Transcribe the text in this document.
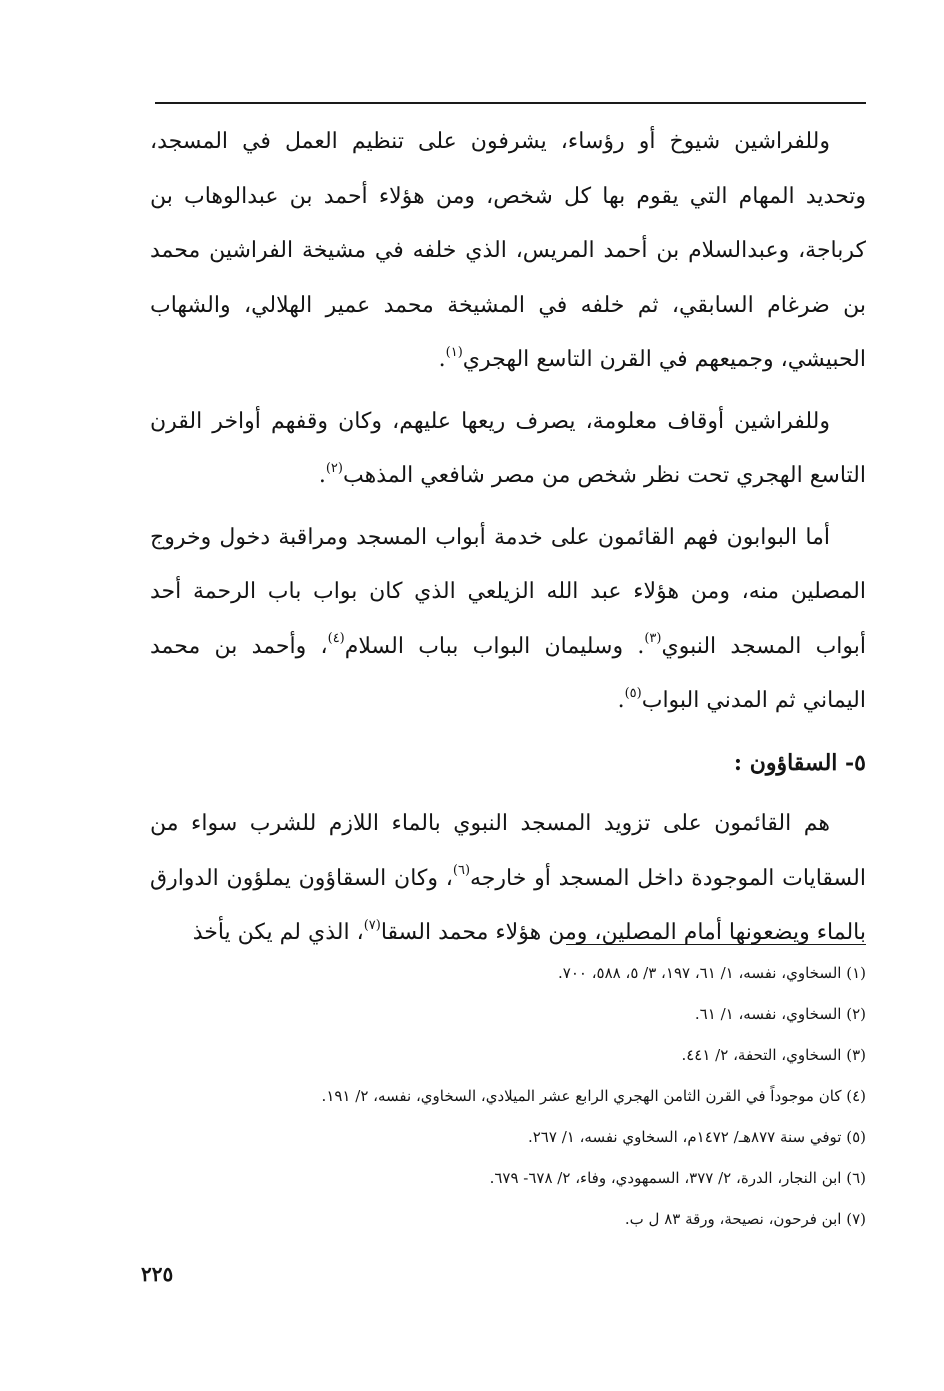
وللفراشين شيوخ أو رؤساء، يشرفون على تنظيم العمل في المسجد، وتحديد المهام التي يقوم بها كل شخص، ومن هؤلاء أحمد بن عبدالوهاب بن كرباجة، وعبدالسلام بن أحمد المريس، الذي خلفه في مشيخة الفراشين محمد بن ضرغام السابقي، ثم خلفه في المشيخة محمد عمير الهلالي، والشهاب الحبيشي، وجميعهم في القرن التاسع الهجري$^{(١)}$.

وللفراشين أوقاف معلومة، يصرف ريعها عليهم، وكان وقفهم أواخر القرن التاسع الهجري تحت نظر شخص من مصر شافعي المذهب$^{(٢)}$.

أما البوابون فهم القائمون على خدمة أبواب المسجد ومراقبة دخول وخروج المصلين منه، ومن هؤلاء عبد الله الزيلعي الذي كان بواب باب الرحمة أحد أبواب المسجد النبوي$^{(٣)}$. وسليمان البواب بباب السلام$^{(٤)}$، وأحمد بن محمد اليماني ثم المدني البواب$^{(٥)}$.

٥- السقاؤون :

هم القائمون على تزويد المسجد النبوي بالماء اللازم للشرب سواء من السقايات الموجودة داخل المسجد أو خارجه$^{(٦)}$، وكان السقاؤون يملؤون الدوارق بالماء ويضعونها أمام المصلين، ومن هؤلاء محمد السقا$^{(٧)}$، الذي لم يكن يأخذ

(١) السخاوي، نفسه، ١/ ٦١، ١٩٧، ٣/ ٥، ٥٨٨، ٧٠٠.
(٢) السخاوي، نفسه، ١/ ٦١.
(٣) السخاوي، التحفة، ٢/ ٤٤١.
(٤) كان موجوداً في القرن الثامن الهجري الرابع عشر الميلادي، السخاوي، نفسه، ٢/ ١٩١.
(٥) توفي سنة ٨٧٧هـ/ ١٤٧٢م، السخاوي نفسه، ١/ ٢٦٧.
(٦) ابن النجار، الدرة، ٢/ ٣٧٧، السمهودي، وفاء، ٢/ ٦٧٨- ٦٧٩.
(٧) ابن فرحون، نصيحة، ورقة ٨٣ ل ب.
٢٢٥
